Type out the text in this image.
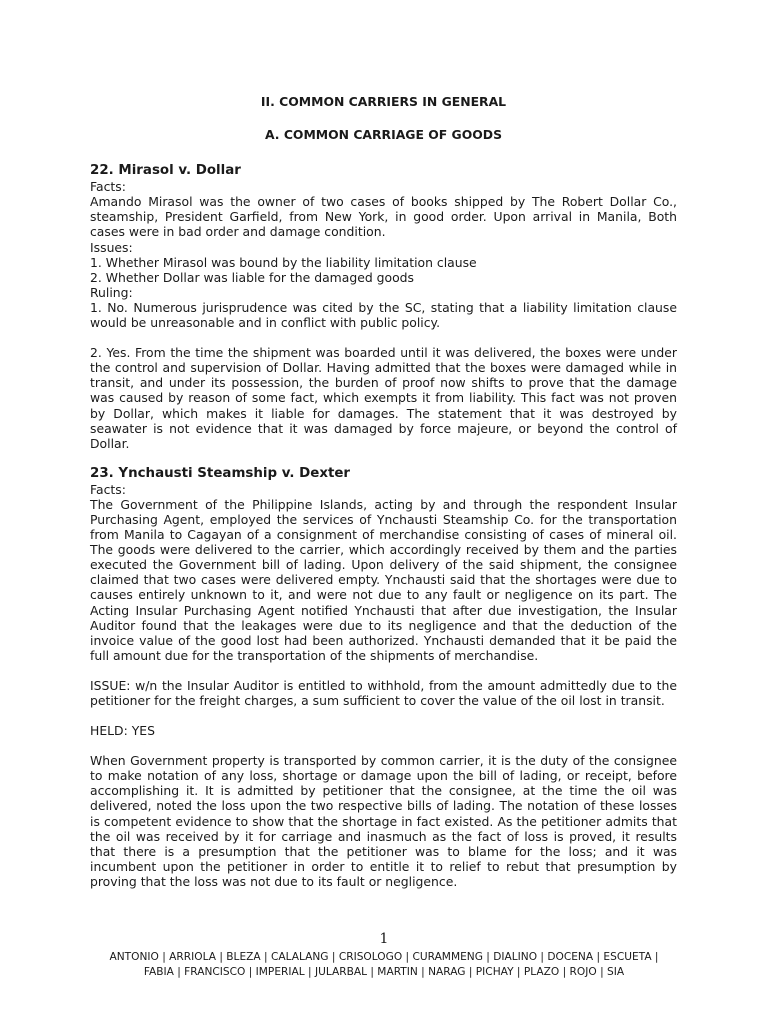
II. COMMON CARRIERS IN GENERAL

A. COMMON CARRIAGE OF GOODS

22. Mirasol v. Dollar

Facts:

Amando Mirasol was the owner of two cases of books shipped by The Robert Dollar Co., steamship, President Garfield, from New York, in good order. Upon arrival in Manila, Both cases were in bad order and damage condition.

Issues:

1. Whether Mirasol was bound by the liability limitation clause

2. Whether Dollar was liable for the damaged goods

Ruling:

1. No. Numerous jurisprudence was cited by the SC, stating that a liability limitation clause would be unreasonable and in conflict with public policy.

2. Yes. From the time the shipment was boarded until it was delivered, the boxes were under the control and supervision of Dollar. Having admitted that the boxes were damaged while in transit, and under its possession, the burden of proof now shifts to prove that the damage was caused by reason of some fact, which exempts it from liability. This fact was not proven by Dollar, which makes it liable for damages. The statement that it was destroyed by seawater is not evidence that it was damaged by force majeure, or beyond the control of Dollar.

23. Ynchausti Steamship v. Dexter

Facts:

The Government of the Philippine Islands, acting by and through the respondent Insular Purchasing Agent, employed the services of Ynchausti Steamship Co. for the transportation from Manila to Cagayan of a consignment of merchandise consisting of cases of mineral oil. The goods were delivered to the carrier, which accordingly received by them and the parties executed the Government bill of lading. Upon delivery of the said shipment, the consignee claimed that two cases were delivered empty. Ynchausti said that the shortages were due to causes entirely unknown to it, and were not due to any fault or negligence on its part. The Acting Insular Purchasing Agent notified Ynchausti that after due investigation, the Insular Auditor found that the leakages were due to its negligence and that the deduction of the invoice value of the good lost had been authorized. Ynchausti demanded that it be paid the full amount due for the transportation of the shipments of merchandise.

ISSUE: w/n the Insular Auditor is entitled to withhold, from the amount admittedly due to the petitioner for the freight charges, a sum sufficient to cover the value of the oil lost in transit.

HELD: YES

When Government property is transported by common carrier, it is the duty of the consignee to make notation of any loss, shortage or damage upon the bill of lading, or receipt, before accomplishing it. It is admitted by petitioner that the consignee, at the time the oil was delivered, noted the loss upon the two respective bills of lading. The notation of these losses is competent evidence to show that the shortage in fact existed. As the petitioner admits that the oil was received by it for carriage and inasmuch as the fact of loss is proved, it results that there is a presumption that the petitioner was to blame for the loss; and it was incumbent upon the petitioner in order to entitle it to relief to rebut that presumption by proving that the loss was not due to its fault or negligence.

1
ANTONIO | ARRIOLA | BLEZA | CALALANG | CRISOLOGO | CURAMMENG | DIALINO | DOCENA | ESCUETA |
FABIA | FRANCISCO | IMPERIAL | JULARBAL | MARTIN | NARAG | PICHAY | PLAZO | ROJO | SIA
